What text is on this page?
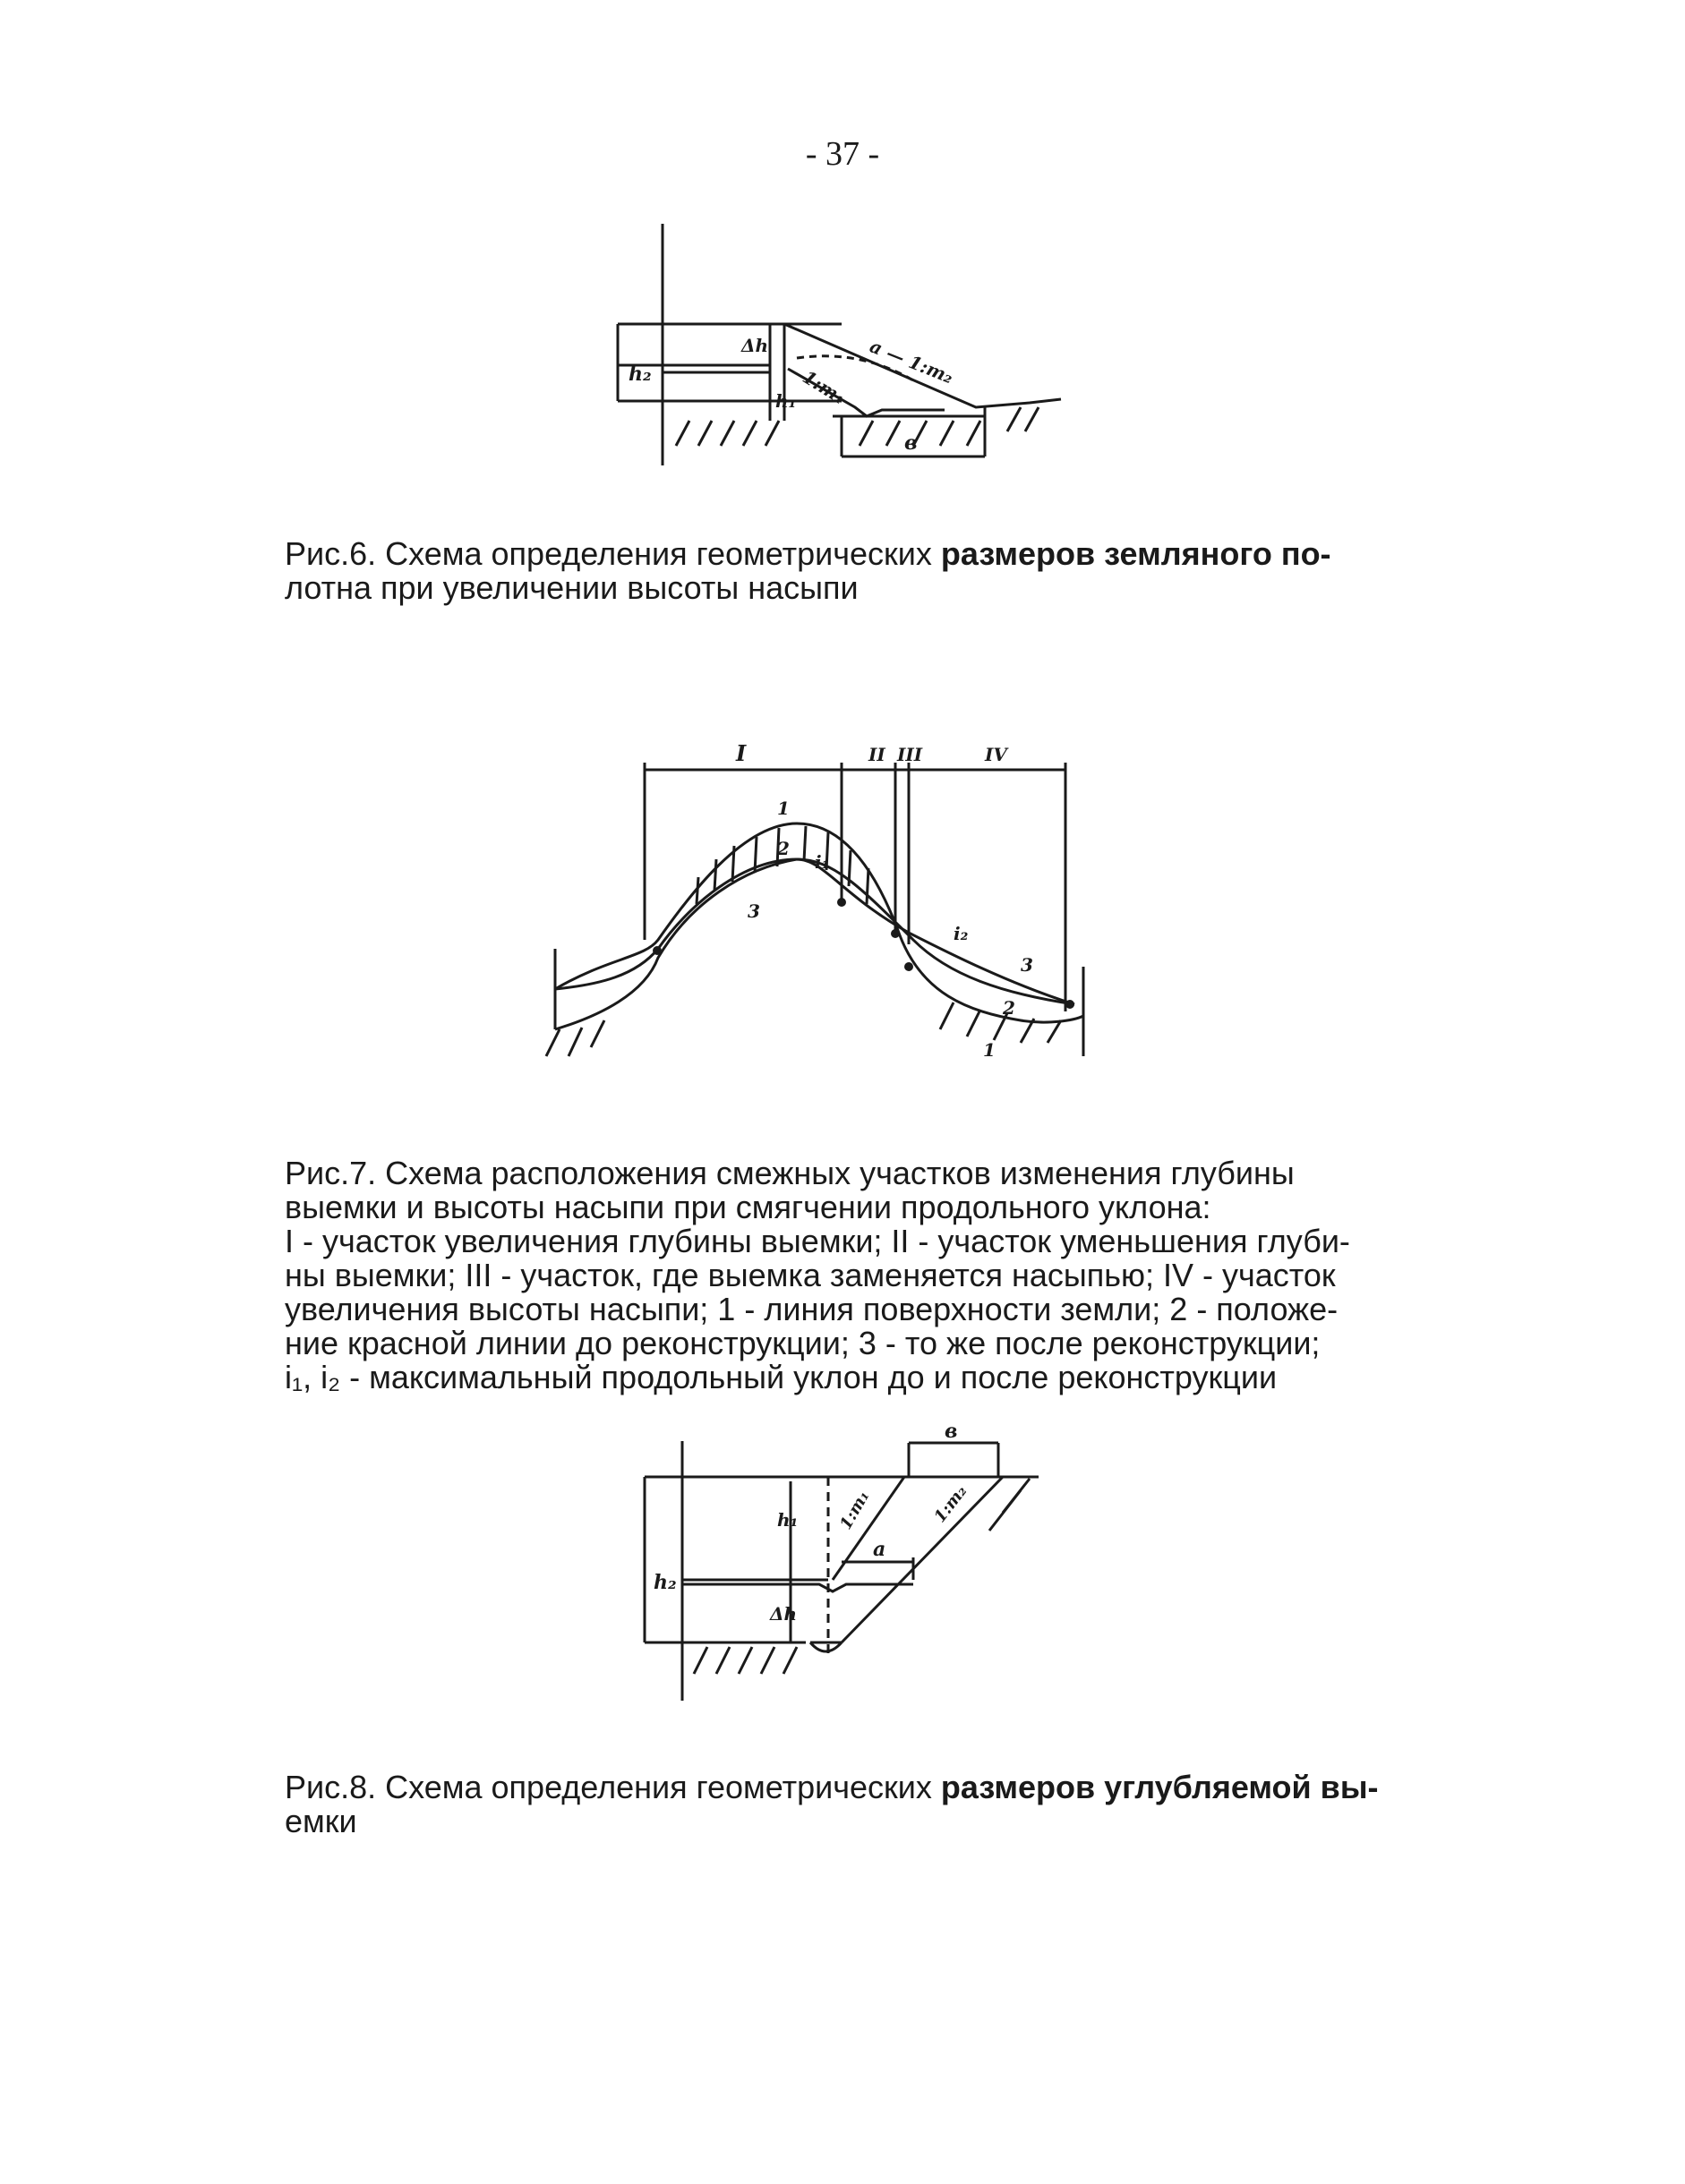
- 37 -
h₂
Δh	a — 1:m₂
1:m₁
h₁
в
Рис.6. Схема определения геометрических размеров земляного по-
лотна при увеличении высоты насыпи
I	II III	IV
1
2
3
i₁
i₂
3
2
1
Рис.7. Схема расположения смежных участков изменения глубины
выемки и высоты насыпи при смягчении продольного уклона:
I - участок увеличения глубины выемки; II - участок уменьшения глуби-
ны выемки; III - участок, где выемка заменяется насыпью; IV - участок
увеличения высоты насыпи; 1 - линия поверхности земли; 2 - положе-
ние красной линии до реконструкции; 3 - то же после реконструкции;
i₁, i₂ - максимальный продольный уклон до и после реконструкции
в
h₁ 1:m₁	1:m₂
a
h₂
Δh
Рис.8. Схема определения геометрических размеров углубляемой вы-
емки
